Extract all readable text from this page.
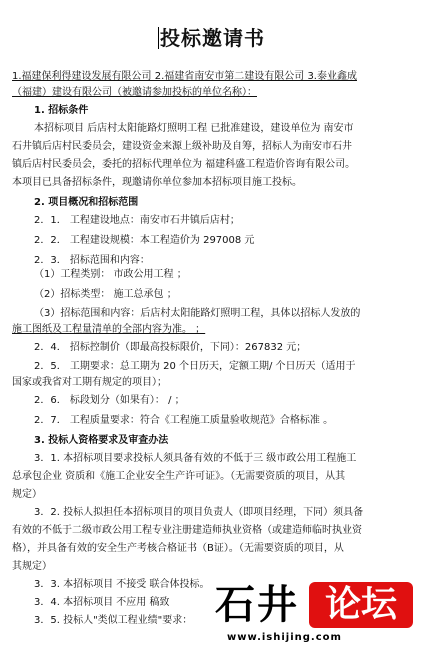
投标邀请书
1.福建保利得建设发展有限公司 2.福建省南安市第二建设有限公司 3.泰业鑫成
（福建）建设有限公司（被邀请参加投标的单位名称）：
1. 招标条件
本招标项目 后店村太阳能路灯照明工程 已批准建设，建设单位为 南安市
石井镇后店村民委员会，建设资金来源上级补助及自筹，招标人为南安市石井
镇后店村民委员会，委托的招标代理单位为 福建科盛工程造价咨询有限公司。
本项目已具备招标条件，现邀请你单位参加本招标项目施工投标。
2. 项目概况和招标范围
2．1． 工程建设地点：南安市石井镇后店村；
2．2． 工程建设规模：本工程造价为 297008 元
2．3． 招标范围和内容：
（1）工程类别： 市政公用工程 ；
（2）招标类型： 施工总承包 ；
（3）招标范围和内容：后店村太阳能路灯照明工程，具体以招标人发放的
施工图纸及工程量清单的全部内容为准。 ；
2．4． 招标控制价（即最高投标限价，下同）：267832 元；
2．5． 工期要求：总工期为 20 个日历天，定额工期/ 个日历天（适用于
国家或我省对工期有规定的项目）；
2．6． 标段划分（如果有）： / ；
2．7． 工程质量要求：符合《工程施工质量验收规范》合格标准 。
3. 投标人资格要求及审查办法
3．1. 本招标项目要求投标人须具备有效的不低于三 级市政公用工程施工
总承包企业 资质和《施工企业安全生产许可证》。（无需要资质的项目，从其
规定）
3．2. 投标人拟担任本招标项目的项目负责人（即项目经理，下同）须具备
有效的不低于二级市政公用工程专业注册建造师执业资格（或建造师临时执业资
格），并具备有效的安全生产考核合格证书（B证）。（无需要资质的项目，从
其规定）
3．3. 本招标项目 不接受 联合体投标。
3．4. 本招标项目 不应用 稿致
3．5. 投标人"类似工程业绩"要求： 石井 论坛
www.ishijing.com
